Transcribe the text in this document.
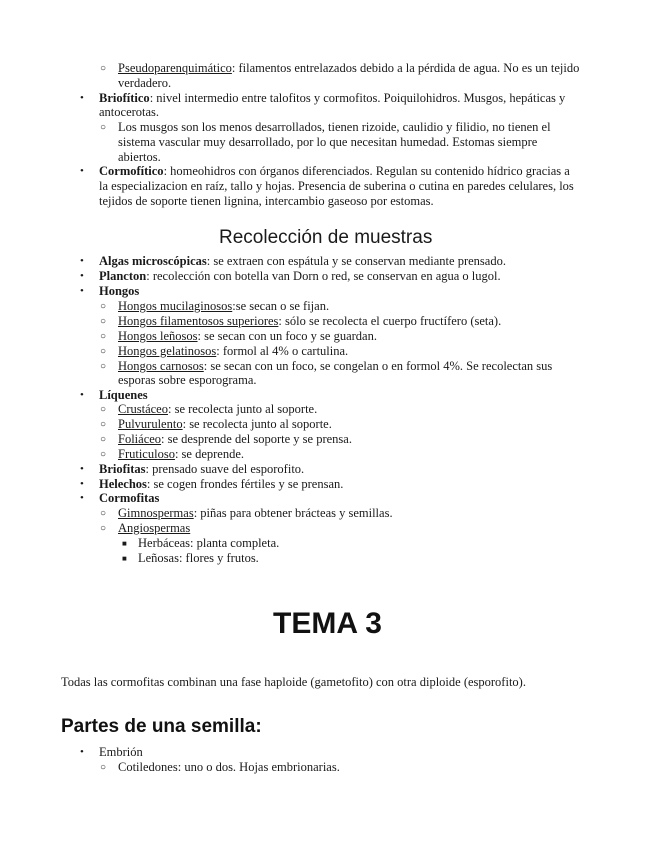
○ Pseudoparenquimático: filamentos entrelazados debido a la pérdida de agua. No es un tejido
verdadero.
• Briofítico: nivel intermedio entre talofitos y cormofitos. Poiquilohidros. Musgos, hepáticas y
antocerotas.
○ Los musgos son los menos desarrollados, tienen rizoide, caulidio y filidio, no tienen el
sistema vascular muy desarrollado, por lo que necesitan humedad. Estomas siempre
abiertos.
• Cormofítico: homeohidros con órganos diferenciados. Regulan su contenido hídrico gracias a
la especializacion en raíz, tallo y hojas. Presencia de suberina o cutina en paredes celulares, los
tejidos de soporte tienen lignina, intercambio gaseoso por estomas.
Recolección de muestras
• Algas microscópicas: se extraen con espátula y se conservan mediante prensado.
• Plancton: recolección con botella van Dorn o red, se conservan en agua o lugol.
• Hongos
○ Hongos mucilaginosos:se secan o se fijan.
○ Hongos filamentosos superiores: sólo se recolecta el cuerpo fructífero (seta).
○ Hongos leñosos: se secan con un foco y se guardan.
○ Hongos gelatinosos: formol al 4% o cartulina.
○ Hongos carnosos: se secan con un foco, se congelan o en formol 4%. Se recolectan sus
esporas sobre esporograma.
• Líquenes
○ Crustáceo: se recolecta junto al soporte.
○ Pulvurulento: se recolecta junto al soporte.
○ Foliáceo: se desprende del soporte y se prensa.
○ Fruticuloso: se deprende.
• Briofitas: prensado suave del esporofito.
• Helechos: se cogen frondes fértiles y se prensan.
• Cormofitas
○ Gimnospermas: piñas para obtener brácteas y semillas.
○ Angiospermas
■ Herbáceas: planta completa.
■ Leñosas: flores y frutos.
TEMA 3
Todas las cormofitas combinan una fase haploide (gametofito) con otra diploide (esporofito).
Partes de una semilla:
• Embrión
○ Cotiledones: uno o dos. Hojas embrionarias.
